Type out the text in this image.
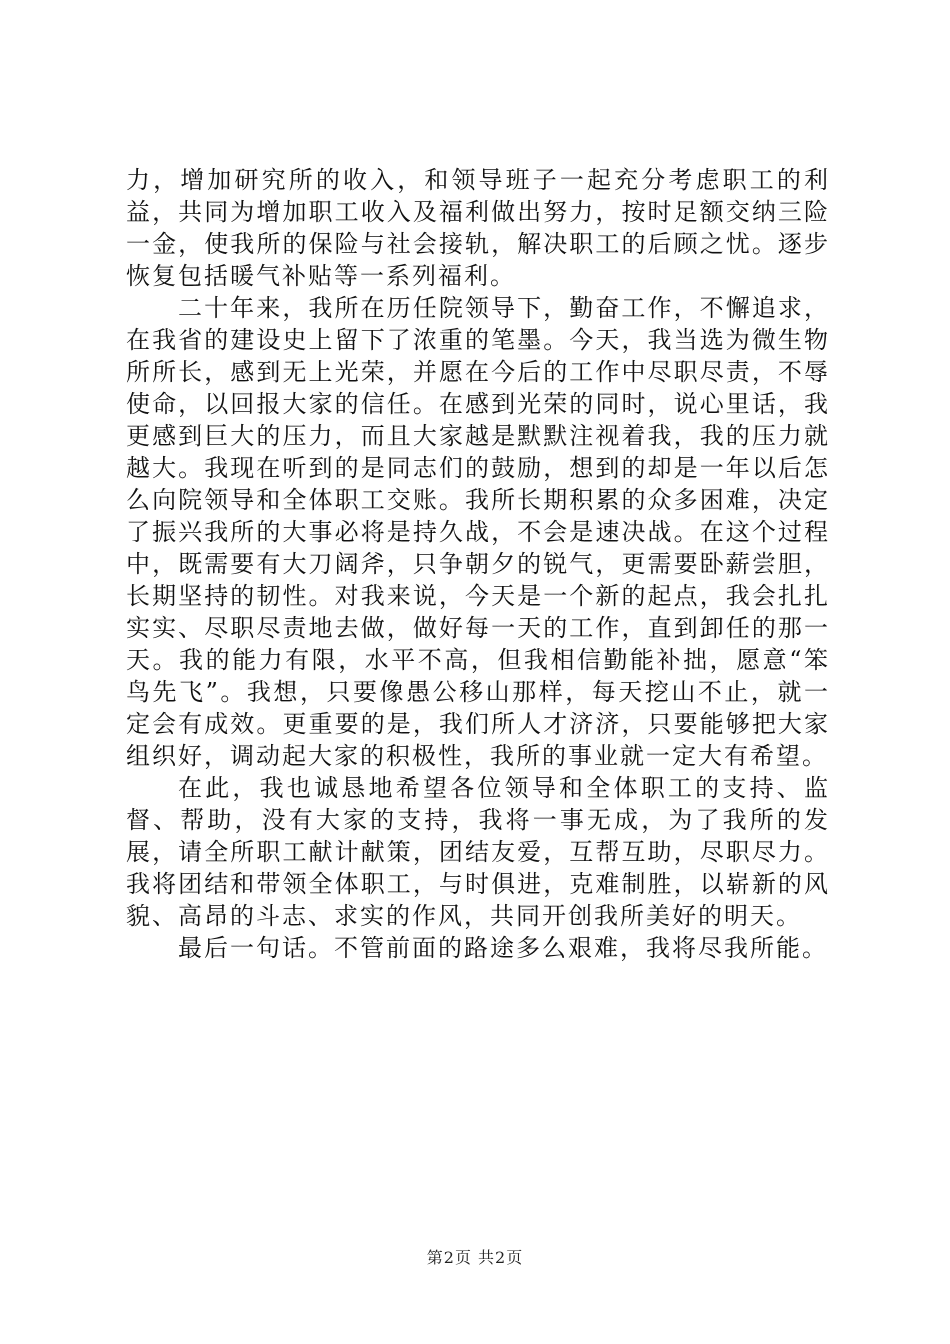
力，增加研究所的收入，和领导班子一起充分考虑职工的利益，共同为增加职工收入及福利做出努力，按时足额交纳三险一金，使我所的保险与社会接轨，解决职工的后顾之忧。逐步恢复包括暖气补贴等一系列福利。

二十年来，我所在历任院领导下，勤奋工作，不懈追求，在我省的建设史上留下了浓重的笔墨。今天，我当选为微生物所所长，感到无上光荣，并愿在今后的工作中尽职尽责，不辱使命，以回报大家的信任。在感到光荣的同时，说心里话，我更感到巨大的压力，而且大家越是默默注视着我，我的压力就越大。我现在听到的是同志们的鼓励，想到的却是一年以后怎么向院领导和全体职工交账。我所长期积累的众多困难，决定了振兴我所的大事必将是持久战，不会是速决战。在这个过程中，既需要有大刀阔斧，只争朝夕的锐气，更需要卧薪尝胆，长期坚持的韧性。对我来说，今天是一个新的起点，我会扎扎实实、尽职尽责地去做，做好每一天的工作，直到卸任的那一天。我的能力有限，水平不高，但我相信勤能补拙，愿意“笨鸟先飞”。我想，只要像愚公移山那样，每天挖山不止，就一定会有成效。更重要的是，我们所人才济济，只要能够把大家组织好，调动起大家的积极性，我所的事业就一定大有希望。

在此，我也诚恳地希望各位领导和全体职工的支持、监督、帮助，没有大家的支持，我将一事无成，为了我所的发展，请全所职工献计献策，团结友爱，互帮互助，尽职尽力。我将团结和带领全体职工，与时俱进，克难制胜，以崭新的风貌、高昂的斗志、求实的作风，共同开创我所美好的明天。

最后一句话。不管前面的路途多么艰难，我将尽我所能。

第2页 共2页
